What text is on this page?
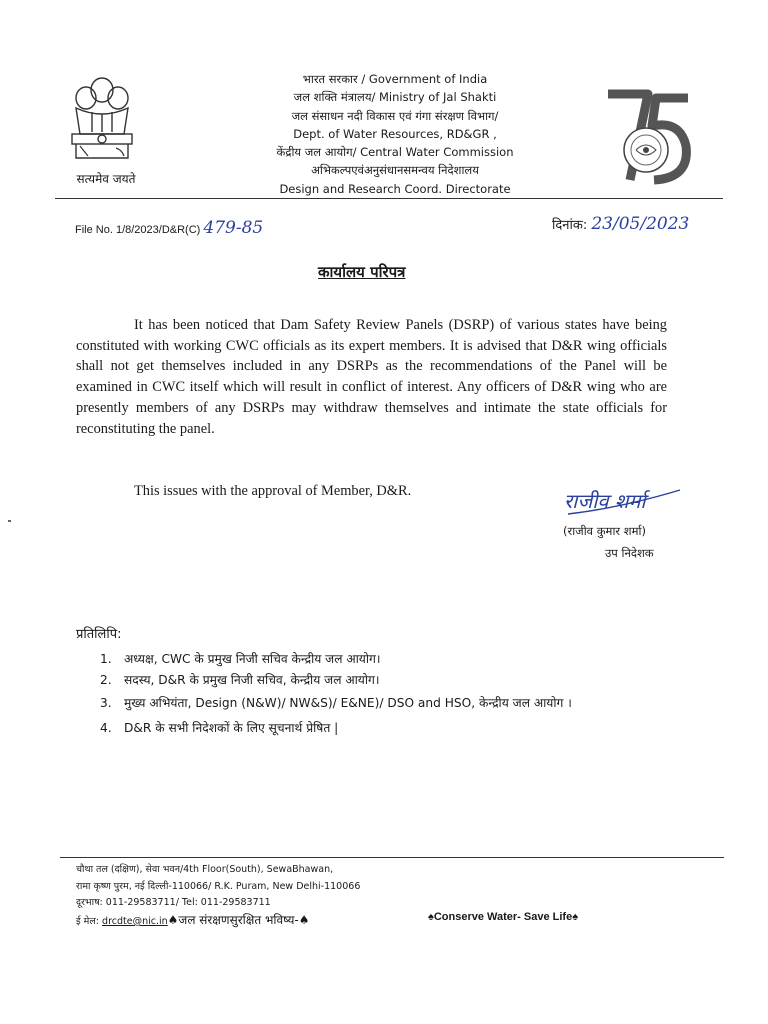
सत्यमेव जयते
भारत सरकार / Government of India
जल शक्ति मंत्रालय/ Ministry of Jal Shakti
जल संसाधन नदी विकास एवं गंगा संरक्षण विभाग/
Dept. of Water Resources, RD&GR ,
केंद्रीय जल आयोग/ Central Water Commission
अभिकल्पएवंअनुसंधानसमन्वय निदेशालय
Design and Research Coord. Directorate
File No. 1/8/2023/D&R(C) 479-85	दिनांक: 23/05/2023
कार्यालय परिपत्र
It has been noticed that Dam Safety Review Panels (DSRP) of various states have being constituted with working CWC officials as its expert members. It is advised that D&R wing officials shall not get themselves included in any DSRPs as the recommendations of the Panel will be examined in CWC itself which will result in conflict of interest. Any officers of D&R wing who are presently members of any DSRPs may withdraw themselves and intimate the state officials for reconstituting the panel.
This issues with the approval of Member, D&R.	राजीव शर्मा
(राजीव कुमार शर्मा)
उप निदेशक
प्रतिलिपि:
1. अध्यक्ष, CWC के प्रमुख निजी सचिव केन्द्रीय जल आयोग।
2. सदस्य, D&R के प्रमुख निजी सचिव, केन्द्रीय जल आयोग।
3. मुख्य अभियंता, Design (N&W)/ NW&S)/ E&NE)/ DSO and HSO, केन्द्रीय जल आयोग ।
4. D&R के सभी निदेशकों के लिए सूचनार्थ प्रेषित |
चौथा तल (दक्षिण), सेवा भवन/4th Floor(South), SewaBhawan,
रामा कृष्ण पुरम, नई दिल्ली-110066/ R.K. Puram, New Delhi-110066
दूरभाष: 011-29583711/ Tel: 011-29583711
ई मेल: drcdte@nic.in♠जल संरक्षणसुरक्षित भविष्य-♠	♠Conserve Water- Save Life♠
